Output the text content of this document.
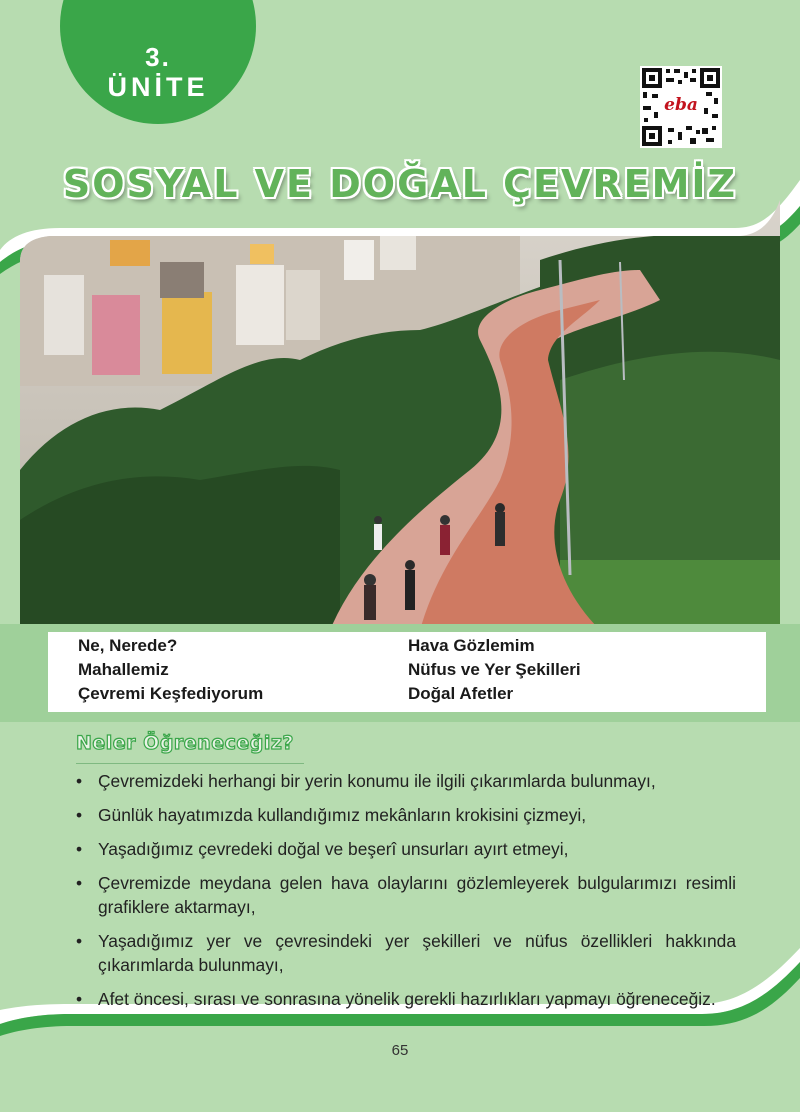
3.
ÜNİTE
eba
SOSYAL VE DOĞAL ÇEVREMİZ
Ne, Nerede?
Mahallemiz
Çevremi Keşfediyorum
Hava Gözlemim
Nüfus ve Yer Şekilleri
Doğal Afetler
Neler Öğreneceğiz?
• Çevremizdeki herhangi bir yerin konumu ile ilgili çıkarımlarda bulunmayı,
• Günlük hayatımızda kullandığımız mekânların krokisini çizmeyi,
• Yaşadığımız çevredeki doğal ve beşerî unsurları ayırt etmeyi,
• Çevremizde meydana gelen hava olaylarını gözlemleyerek bulgularımızı resimli grafiklere aktarmayı,
• Yaşadığımız yer ve çevresindeki yer şekilleri ve nüfus özellikleri hakkında çıkarımlarda bulunmayı,
• Afet öncesi, sırası ve sonrasına yönelik gerekli hazırlıkları yapmayı öğreneceğiz.
65
